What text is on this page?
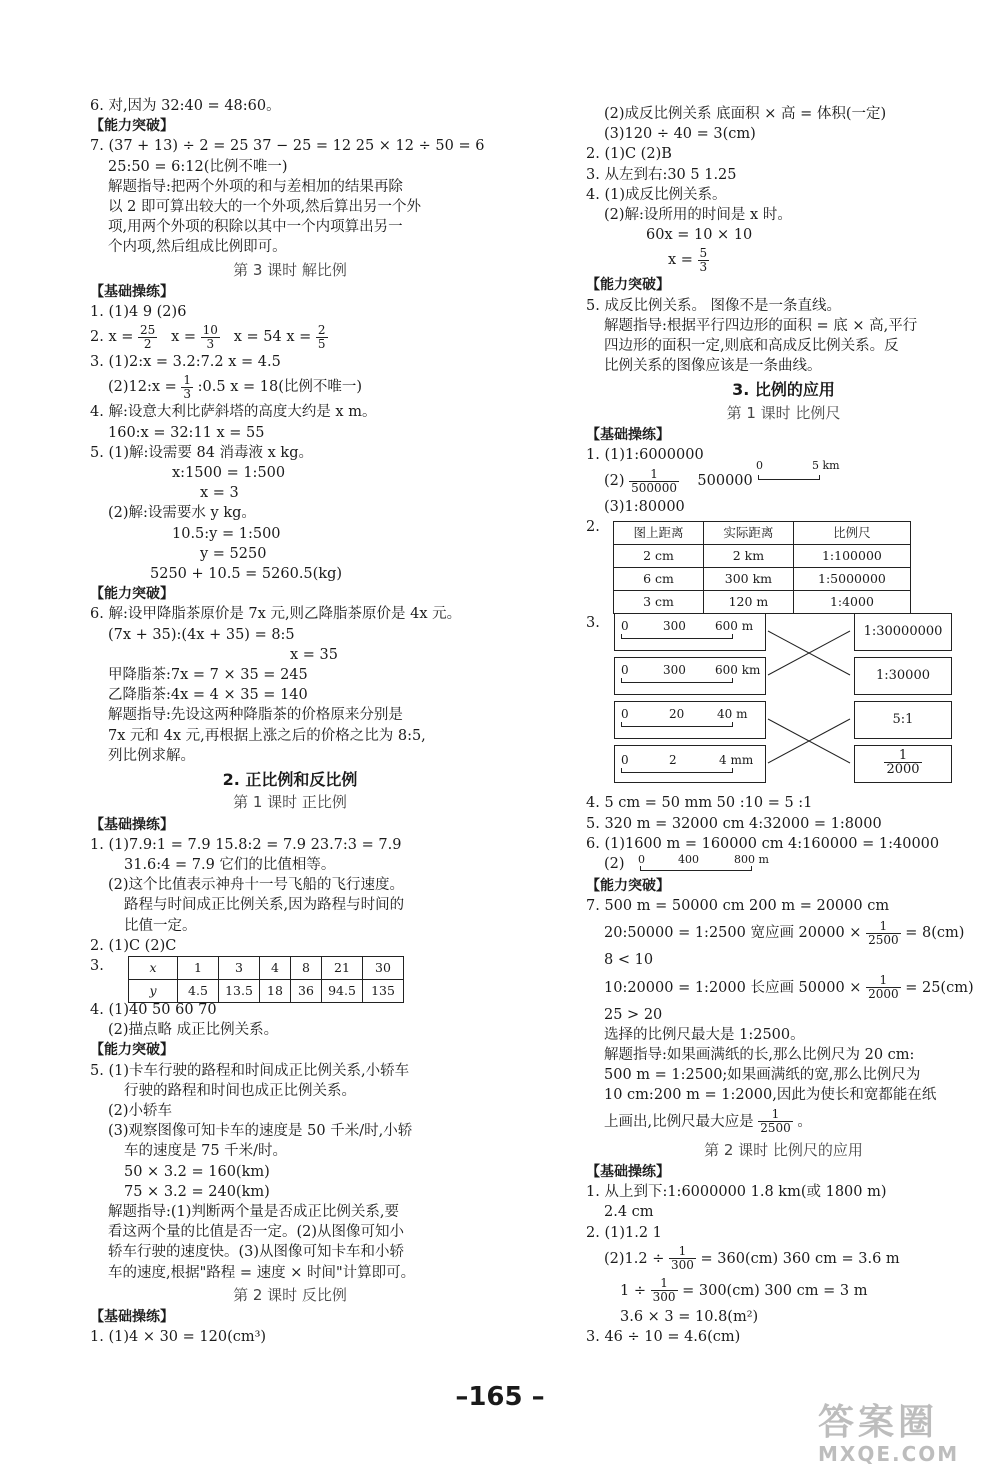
6. 对,因为 32:40 = 48:60。
【能力突破】
7. (37 + 13) ÷ 2 = 25 37 − 25 = 12 25 × 12 ÷ 50 = 6
25:50 = 6:12(比例不唯一)
解题指导:把两个外项的和与差相加的结果再除
以 2 即可算出较大的一个外项,然后算出另一个外
项,用两个外项的积除以其中一个内项算出另一
个内项,然后组成比例即可。
第 3 课时 解比例
【基础操练】
1. (1)4 9 (2)6
2. $x = \frac{25}{2}$ $x = \frac{10}{3}$ x = 54 $x = \frac{2}{5}$
3. (1)2:x = 3.2:7.2 x = 4.5
(2)12:x = $\frac{1}{3}$ :0.5 x = 18(比例不唯一)
4. 解:设意大利比萨斜塔的高度大约是 x m。
160:x = 32:11 x = 55
5. (1)解:设需要 84 消毒液 x kg。
x:1500 = 1:500
x = 3
(2)解:设需要水 y kg。
10.5:y = 1:500
y = 5250
5250 + 10.5 = 5260.5(kg)
【能力突破】
6. 解:设甲降脂茶原价是 7x 元,则乙降脂茶原价是 4x 元。
(7x + 35):(4x + 35) = 8:5
x = 35
甲降脂茶:7x = 7 × 35 = 245
乙降脂茶:4x = 4 × 35 = 140
解题指导:先设这两种降脂茶的价格原来分别是
7x 元和 4x 元,再根据上涨之后的价格之比为 8:5,
列比例求解。
2. 正比例和反比例
第 1 课时 正比例
【基础操练】
1. (1)7.9:1 = 7.9 15.8:2 = 7.9 23.7:3 = 7.9
31.6:4 = 7.9 它们的比值相等。
(2)这个比值表示神舟十一号飞船的飞行速度。
路程与时间成正比例关系,因为路程与时间的
比值一定。
2. (1)C (2)C
3.	x	1	3	4	8	21	30
y	4.5	13.5	18	36	94.5	135
4. (1)40 50 60 70
(2)描点略 成正比例关系。
【能力突破】
5. (1)卡车行驶的路程和时间成正比例关系,小轿车
行驶的路程和时间也成正比例关系。
(2)小轿车
(3)观察图像可知卡车的速度是 50 千米/时,小轿
车的速度是 75 千米/时。
50 × 3.2 = 160(km)
75 × 3.2 = 240(km)
解题指导:(1)判断两个量是否成正比例关系,要
看这两个量的比值是否一定。(2)从图像可知小
轿车行驶的速度快。(3)从图像可知卡车和小轿
车的速度,根据"路程 = 速度 × 时间"计算即可。
第 2 课时 反比例
【基础操练】
1. (1)4 × 30 = 120(cm³)
(2)成反比例关系 底面积 × 高 = 体积(一定)
(3)120 ÷ 40 = 3(cm)
2. (1)C (2)B
3. 从左到右:30 5 1.25
4. (1)成反比例关系。
(2)解:设所用的时间是 x 时。
60x = 10 × 10
$x = \frac{5}{3}$
【能力突破】
5. 成反比例关系。 图像不是一条直线。
解题指导:根据平行四边形的面积 = 底 × 高,平行
四边形的面积一定,则底和高成反比例关系。反
比例关系的图像应该是一条曲线。
3. 比例的应用
第 1 课时 比例尺
【基础操练】
1. (1)1:6000000
$(2) \frac{1}{500000} 500000$
0	5 km
(3)1:80000
2.	图上距离	实际距离	比例尺
2 cm	2 km	1:100000
6 cm	300 km	1:5000000
3 cm	120 m	1:4000
3. 0	300 600 m
0	300 600 km
0	20	40 m
0	2	4 mm
1:30000000
1:30000
5:1
$\frac{1}{2000}$
4. 5 cm = 50 mm 50 :10 = 5 :1
5. 320 m = 32000 cm 4:32000 = 1:8000
6. (1)1600 m = 160000 cm 4:160000 = 1:40000
(2) 0	400	800 m
【能力突破】
7. 500 m = 50000 cm 200 m = 20000 cm
20:50000 = 1:2500 宽应画 $20000 \times \frac{1}{2500} = 8(cm)$
8 < 10
10:20000 = 1:2000 长应画 $50000 \times \frac{1}{2000} = 25(cm)$
25 > 20
选择的比例尺最大是 1:2500。
解题指导:如果画满纸的长,那么比例尺为 20 cm:
500 m = 1:2500;如果画满纸的宽,那么比例尺为
10 cm:200 m = 1:2000,因此为使长和宽都能在纸
上画出,比例尺最大应是 $\frac{1}{2500}$ 。
第 2 课时 比例尺的应用
【基础操练】
1. 从上到下:1:6000000 1.8 km(或 1800 m)
2.4 cm
2. (1)1.2 1
$(2)1.2 \div \frac{1}{300} = 360(cm)$ 360 cm = 3.6 m
$1 \div \frac{1}{300} = 300(cm)$ 300 cm = 3 m
3.6 × 3 = 10.8(m²)
3. 46 ÷ 10 = 4.6(cm)
–165 –
答案圈
MXQE.COM
